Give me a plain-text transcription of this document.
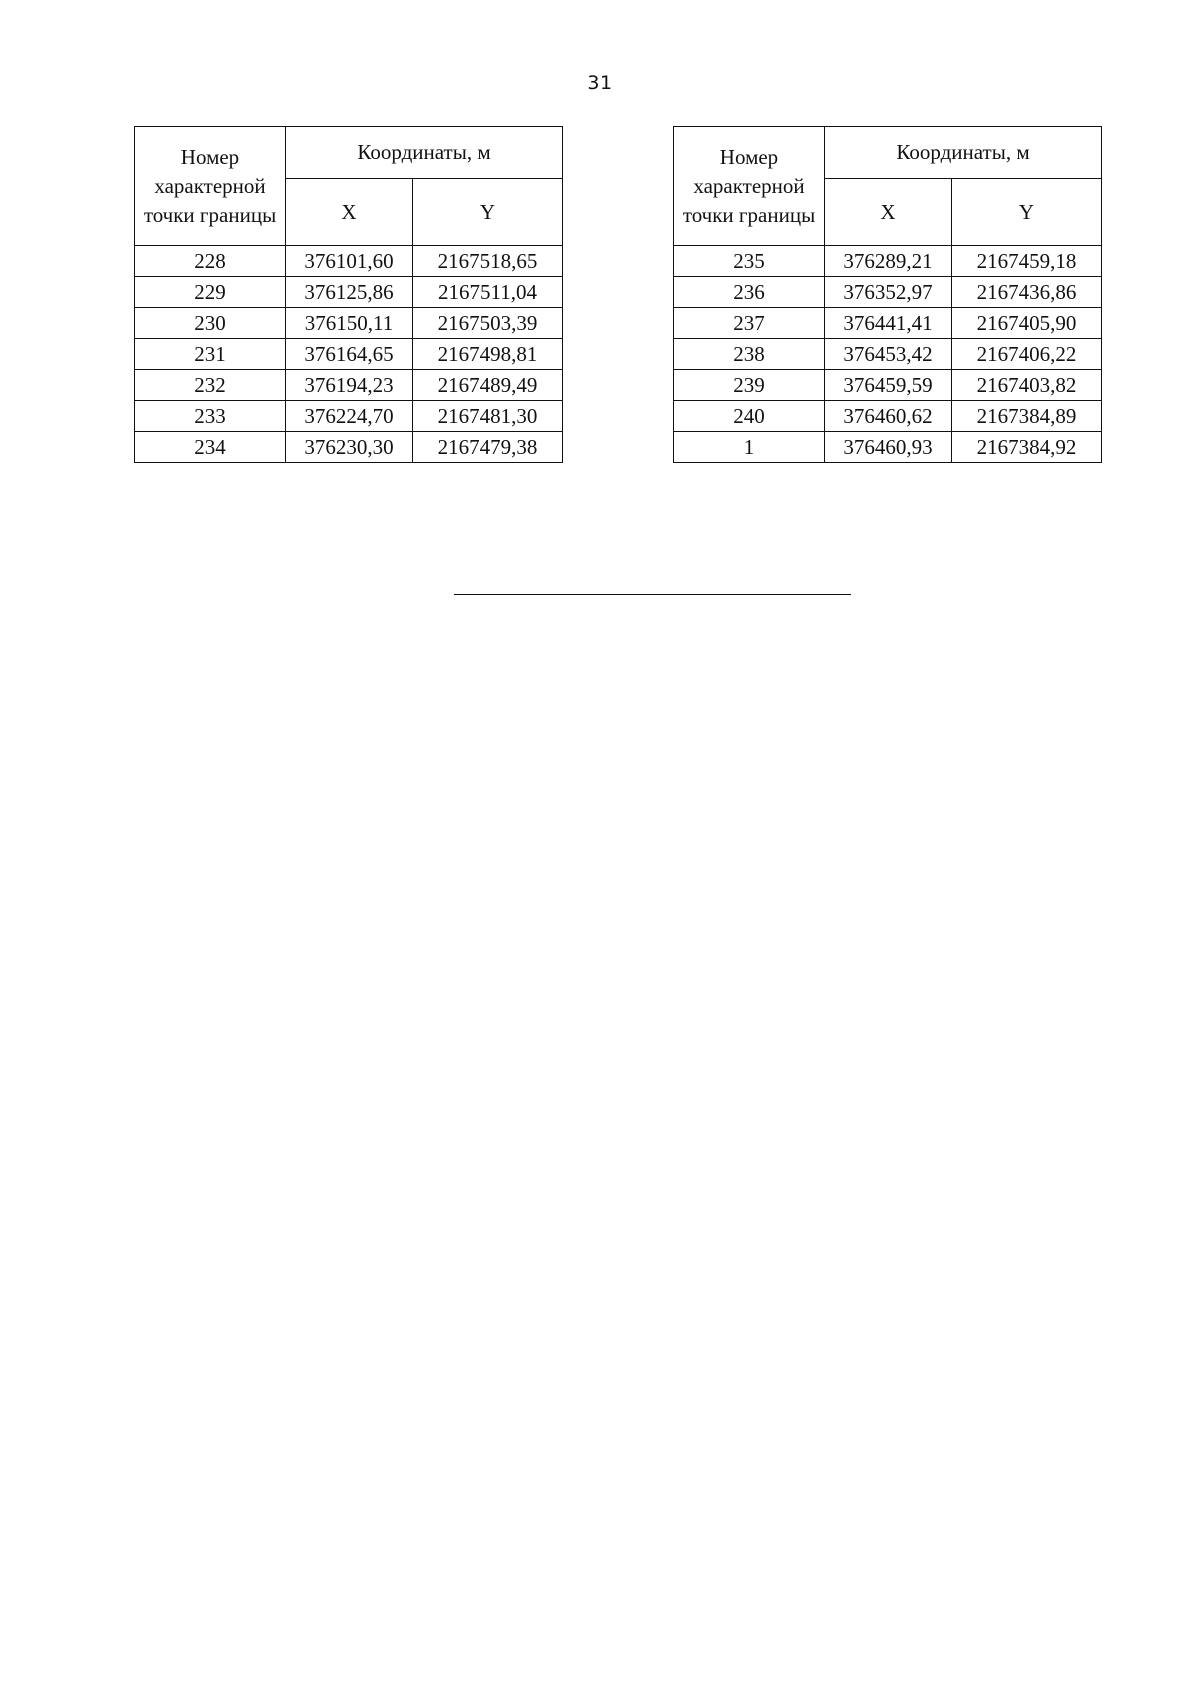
31
Номер характерной точки границы	Координаты, м	
	X	Y
228	376101,60	2167518,65
229	376125,86	2167511,04
230	376150,11	2167503,39
231	376164,65	2167498,81
232	376194,23	2167489,49
233	376224,70	2167481,30
234	376230,30	2167479,38
Номер характерной точки границы	Координаты, м	
	X	Y
235	376289,21	2167459,18
236	376352,97	2167436,86
237	376441,41	2167405,90
238	376453,42	2167406,22
239	376459,59	2167403,82
240	376460,62	2167384,89
1	376460,93	2167384,92
